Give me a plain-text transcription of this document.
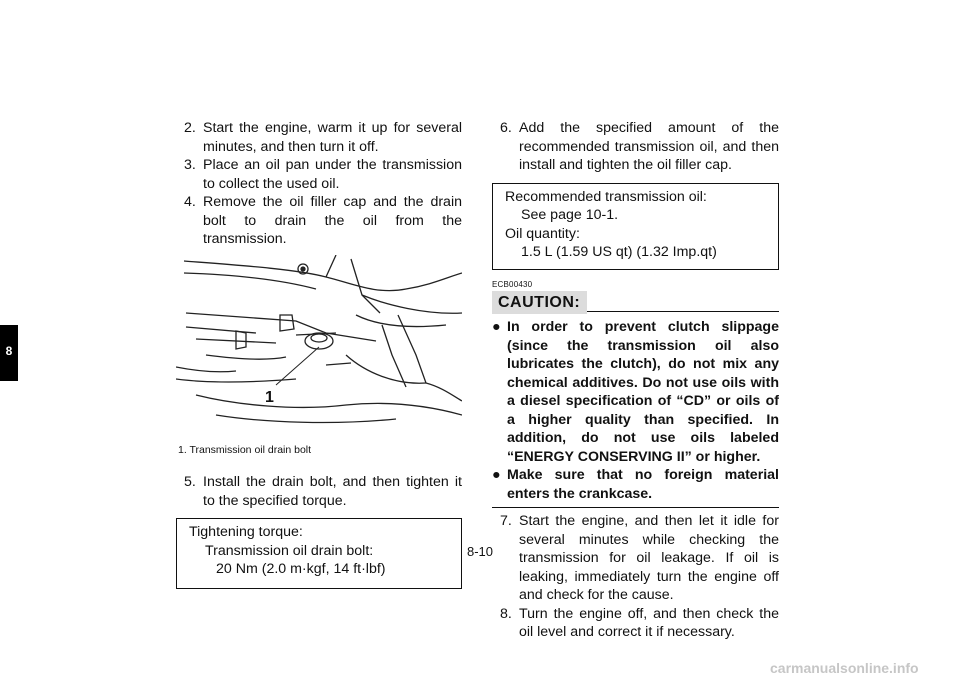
8
2. Start the engine, warm it up for several minutes, and then turn it off.
3. Place an oil pan under the transmission to collect the used oil.
4. Remove the oil filler cap and the drain bolt to drain the oil from the transmission.
1
1. Transmission oil drain bolt
5. Install the drain bolt, and then tighten it to the specified torque.
Tightening torque:
Transmission oil drain bolt:
20 Nm (2.0 m·kgf, 14 ft·lbf)
6. Add the specified amount of the recommended transmission oil, and then install and tighten the oil filler cap.
Recommended transmission oil:
See page 10-1.
Oil quantity:
1.5 L (1.59 US qt) (1.32 Imp.qt)
ECB00430
CAUTION:
● In order to prevent clutch slippage (since the transmission oil also lubricates the clutch), do not mix any chemical additives. Do not use oils with a diesel specification of “CD” or oils of a higher quality than specified. In addition, do not use oils labeled “ENERGY CONSERVING II” or higher.
● Make sure that no foreign material enters the crankcase.
7. Start the engine, and then let it idle for several minutes while checking the transmission for oil leakage. If oil is leaking, immediately turn the engine off and check for the cause.
8. Turn the engine off, and then check the oil level and correct it if necessary.
8-10
carmanualsonline.info
